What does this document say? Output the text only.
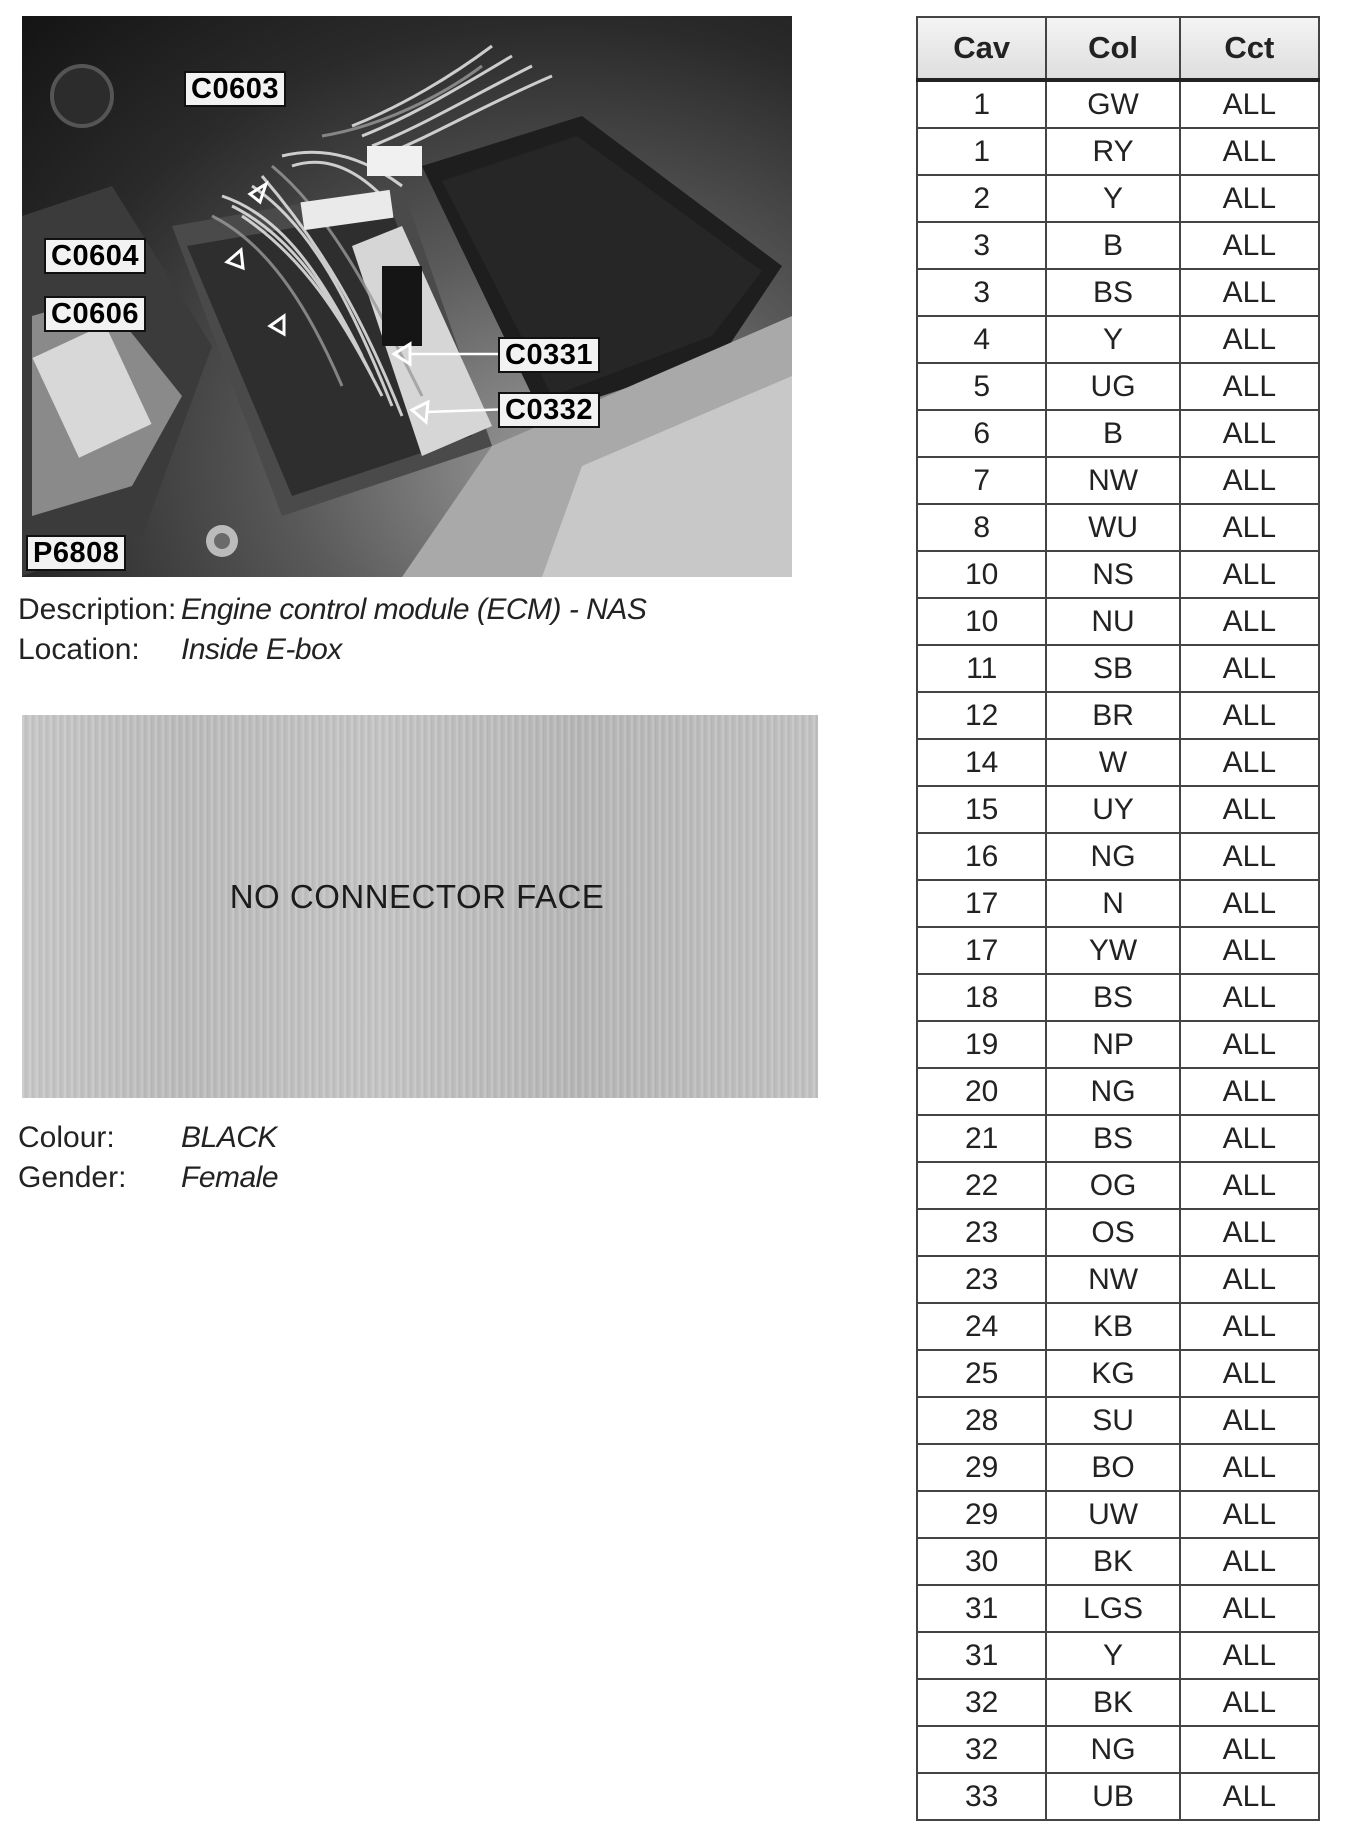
C0603
C0604
C0606
C0331
C0332
P6808
Description: Engine control module (ECM) - NAS
Location:	Inside E-box
NO CONNECTOR FACE
Colour:	BLACK
Gender:	Female
Cav	Col	Cct
1	GW	ALL
1	RY	ALL
2	Y	ALL
3	B	ALL
3	BS	ALL
4	Y	ALL
5	UG	ALL
6	B	ALL
7	NW	ALL
8	WU	ALL
10	NS	ALL
10	NU	ALL
11	SB	ALL
12	BR	ALL
14	W	ALL
15	UY	ALL
16	NG	ALL
17	N	ALL
17	YW	ALL
18	BS	ALL
19	NP	ALL
20	NG	ALL
21	BS	ALL
22	OG	ALL
23	OS	ALL
23	NW	ALL
24	KB	ALL
25	KG	ALL
28	SU	ALL
29	BO	ALL
29	UW	ALL
30	BK	ALL
31	LGS	ALL
31	Y	ALL
32	BK	ALL
32	NG	ALL
33	UB	ALL
